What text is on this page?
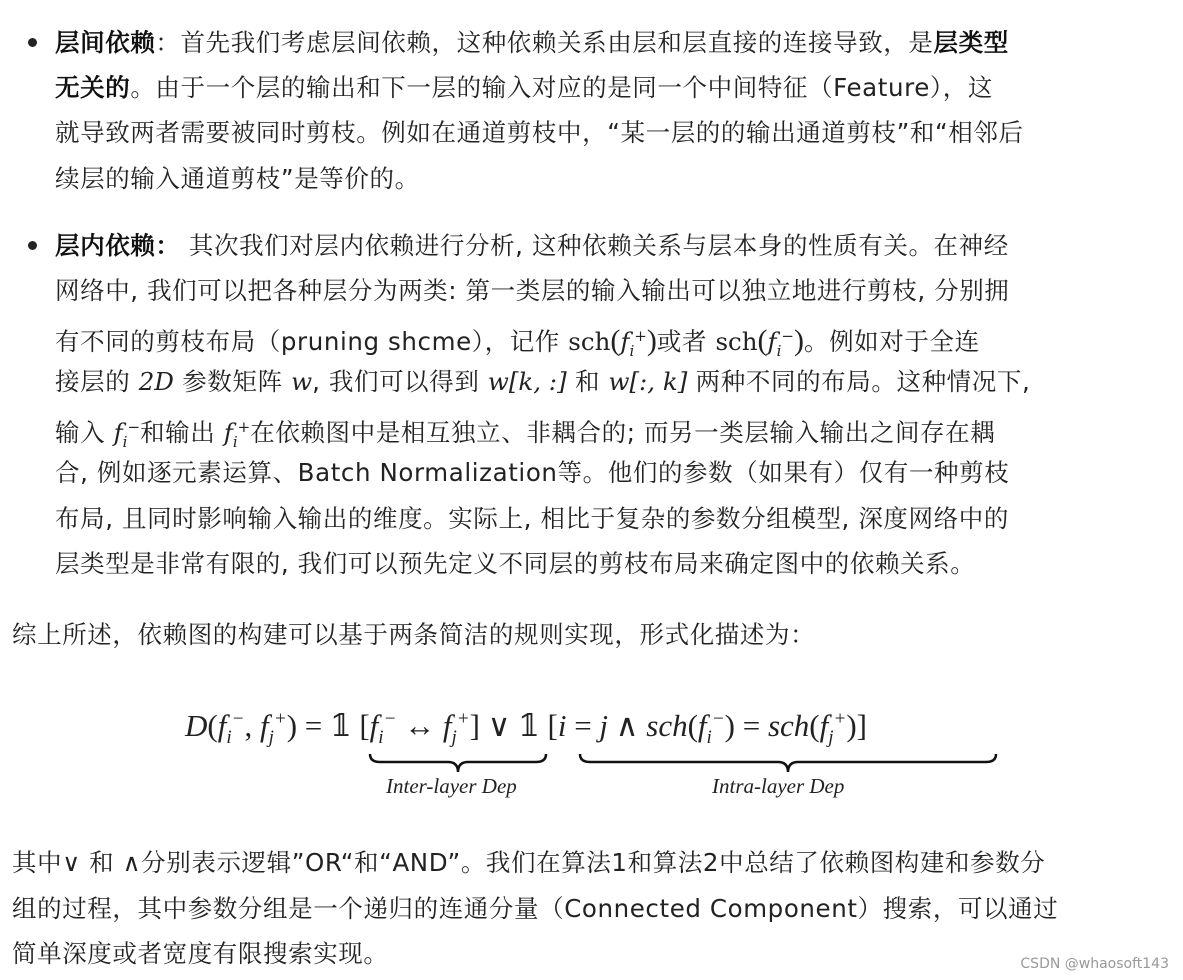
层间依赖：首先我们考虑层间依赖，这种依赖关系由层和层直接的连接导致，是层类型
无关的。由于一个层的输出和下一层的输入对应的是同一个中间特征（Feature），这
就导致两者需要被同时剪枝。例如在通道剪枝中，“某一层的的输出通道剪枝”和“相邻后
续层的输入通道剪枝”是等价的。
层内依赖： 其次我们对层内依赖进行分析, 这种依赖关系与层本身的性质有关。在神经
网络中, 我们可以把各种层分为两类: 第一类层的输入输出可以独立地进行剪枝, 分别拥
有不同的剪枝布局（pruning shcme），记作 $sch(f_i^+)$或者 $sch(f_i^-)$。例如对于全连
接层的 2D 参数矩阵 w, 我们可以得到 w[k, :] 和 w[:, k] 两种不同的布局。这种情况下,
输入 $f_i^-$和输出 $f_i^+$在依赖图中是相互独立、非耦合的; 而另一类层输入输出之间存在耦
合, 例如逐元素运算、Batch Normalization等。他们的参数（如果有）仅有一种剪枝
布局, 且同时影响输入输出的维度。实际上, 相比于复杂的参数分组模型, 深度网络中的
层类型是非常有限的, 我们可以预先定义不同层的剪枝布局来确定图中的依赖关系。
综上所述，依赖图的构建可以基于两条简洁的规则实现，形式化描述为：
$D(f_i^-$, $f_j^+$) = 𝟙 [$f_i^-$ ↔ $f_j^+$] ∨ 𝟙 [i = j ∧ $sch(f_i^-) = sch(f_j^+)$]
Inter-layer Dep	Intra-layer Dep
其中∨ 和 ∧分别表示逻辑”OR“和“AND”。我们在算法1和算法2中总结了依赖图构建和参数分
组的过程，其中参数分组是一个递归的连通分量（Connected Component）搜索，可以通过
简单深度或者宽度有限搜索实现。	CSDN @whaosoft143
